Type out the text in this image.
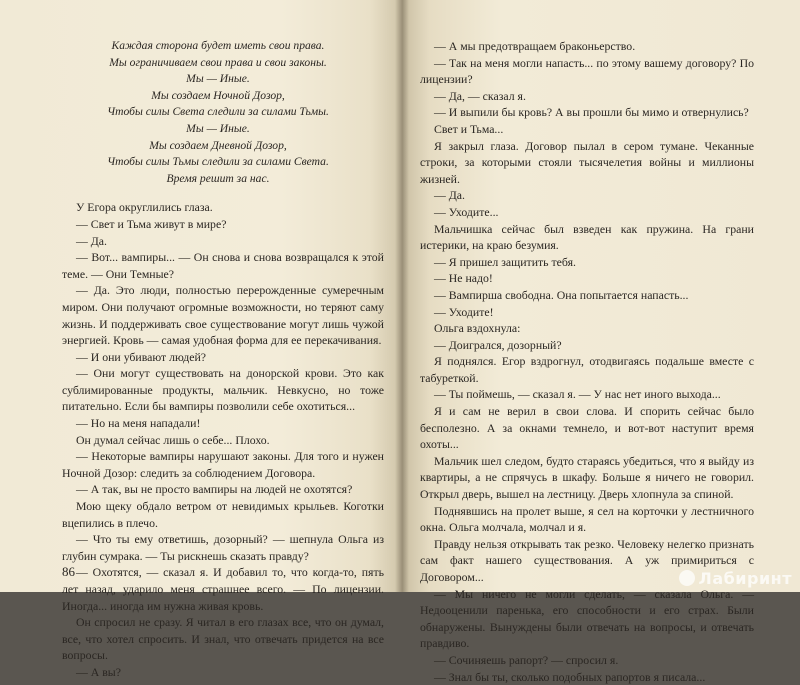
Каждая стоpона будет иметь свои права.
Мы ограничиваем свои права и свои законы.
Мы — Иные.
Мы создаем Ночной Дозор,
Чтобы силы Света следили за силами Тьмы.
Мы — Иные.
Мы создаем Дневной Дозор,
Чтобы силы Тьмы следили за силами Света.
Время решит за нас.

У Егора округлились глаза.

— Свет и Тьма живут в мире?

— Да.

— Вот... вампиры... — Он снова и снова возвращался к этой теме. — Они Темные?

— Да. Это люди, полностью переpожденные сумеречным миром. Они получают огромные возможности, но теряют саму жизнь. И поддерживать свое существование могут лишь чужой энергией. Кровь — самая удобная форма для ее перекачивания.

— И они убивают людей?

— Они могут существовать на донорской крови. Это как сублимированные продукты, мальчик. Невкусно, но тоже питательно. Если бы вампиры позволили себе охотиться...

— Но на меня нападали!

Он думал сейчас лишь о себе... Плохо.

— Некоторые вампиры нарушают законы. Для того и нужен Ночной Дозор: следить за соблюдением Договора.

— А так, вы не просто вампиры на людей не охотятся?

Мою щеку обдало ветром от невидимых крыльев. Коготки вцепились в плечо.

— Что ты ему ответишь, дозорный? — шепнула Ольга из глубин сумрака. — Ты рискнешь сказать правду?

— Охотятся, — сказал я. И добавил то, что когда-то, пять лет назад, ударило меня страшнее всего. — По лицензии. Иногда... иногда им нужна живая кровь.

Он спросил не сразу. Я читал в его глазах все, что он думал, все, что хотел спросить. И знал, что отвечать придется на все вопросы.

— А вы?

86

— А мы предотвращаем браконьерство.

— Так на меня могли напасть... по этому вашему договору? По лицензии?

— Да, — сказал я.

— И выпили бы кровь? А вы прошли бы мимо и отвернулись?

Свет и Тьма...

Я закрыл глаза. Договор пылал в сером тумане. Чеканные строки, за которыми стояли тысячелетия войны и миллионы жизней.

— Да.

— Уходите...

Мальчишка сейчас был взведен как пружина. На грани истерики, на краю безумия.

— Я пришел защитить тебя.

— Не надо!

— Вампирша свободна. Она попытается напасть...

— Уходите!

Ольга вздохнула:

— Доигрался, дозорный?

Я поднялся. Егор вздрогнул, отодвигаясь подальше вместе с табуреткой.

— Ты поймешь, — сказал я. — У нас нет иного выхода...

Я и сам не верил в свои слова. И спорить сейчас было бесполезно. А за окнами темнело, и вот-вот наступит время охоты...

Мальчик шел следом, будто стараясь убедиться, что я выйду из квартиры, а не спрячусь в шкафу. Больше я ничего не говорил. Открыл дверь, вышел на лестницу. Дверь хлопнула за спиной.

Поднявшись на пролет выше, я сел на корточки у лестничного окна. Ольга молчала, молчал и я.

Правду нельзя открывать так резко. Человеку нелегко признать сам факт нашего существования. А уж примириться с Договором...

— Мы ничего не могли сделать, — сказала Ольга. — Недооценили паренька, его способности и его страх. Были обнаружены. Вынуждены были отвечать на вопросы, и отвечать правдиво.

— Сочиняешь рапорт? — спросил я.

— Знал бы ты, сколько подобных рапортов я писала...

Лабиринт
